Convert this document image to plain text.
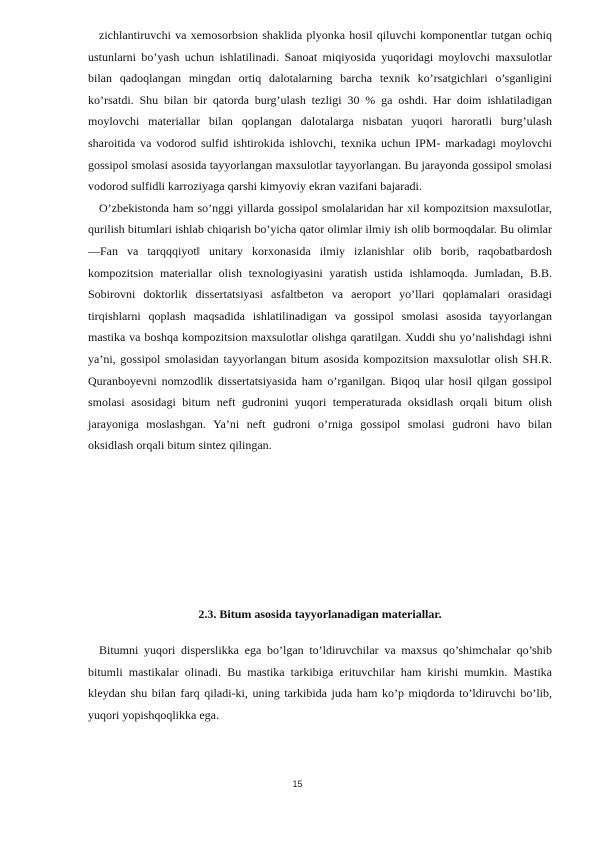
zichlantiruvchi va xemosorbsion shaklida plyonka hosil qiluvchi komponentlar tutgan ochiq ustunlarni bo’yash uchun ishlatilinadi. Sanoat miqiyosida yuqoridagi moylovchi maxsulotlar bilan qadoqlangan mingdan ortiq dalotalarning barcha texnik ko’rsatgichlari o’sganligini ko’rsatdi. Shu bilan bir qatorda burg’ulash tezligi 30 % ga oshdi. Har doim ishlatiladigan moylovchi materiallar bilan qoplangan dalotalarga nisbatan yuqori haroratli burg’ulash sharoitida va vodorod sulfid ishtirokida ishlovchi, texnika uchun IPM- markadagi moylovchi gossipol smolasi asosida tayyorlangan maxsulotlar tayyorlangan. Bu jarayonda gossipol smolasi vodorod sulfidli karroziyaga qarshi kimyoviy ekran vazifani bajaradi.

O’zbekistonda ham so’nggi yillarda gossipol smolalaridan har xil kompozitsion maxsulotlar, qurilish bitumlari ishlab chiqarish bo’yicha qator olimlar ilmiy ish olib bormoqdalar. Bu olimlar ―Fan va tarqqqiyot‖ unitary korxonasida ilmiy izlanishlar olib borib, raqobatbardosh kompozitsion materiallar olish texnologiyasini yaratish ustida ishlamoqda. Jumladan, B.B. Sobirovni doktorlik dissertatsiyasi asfaltbeton va aeroport yo’llari qoplamalari orasidagi tirqishlarni qoplash maqsadida ishlatilinadigan va gossipol smolasi asosida tayyorlangan mastika va boshqa kompozitsion maxsulotlar olishga qaratilgan. Xuddi shu yo’nalishdagi ishni ya’ni, gossipol smolasidan tayyorlangan bitum asosida kompozitsion maxsulotlar olish SH.R. Quranboyevni nomzodlik dissertatsiyasida ham o’rganilgan. Biqoq ular hosil qilgan gossipol smolasi asosidagi bitum neft gudronini yuqori temperaturada oksidlash orqali bitum olish jarayoniga moslashgan. Ya’ni neft gudroni o’rniga gossipol smolasi gudroni havo bilan oksidlash orqali bitum sintez qilingan.

2.3. Bitum asosida tayyorlanadigan materiallar.

Bitumni yuqori disperslikka ega bo’lgan to’ldiruvchilar va maxsus qo’shimchalar qo’shib bitumli mastikalar olinadi. Bu mastika tarkibiga erituvchilar ham kirishi mumkin. Mastika kleydan shu bilan farq qiladi-ki, uning tarkibida juda ham ko’p miqdorda to’ldiruvchi bo’lib, yuqori yopishqoqlikka ega.

15
